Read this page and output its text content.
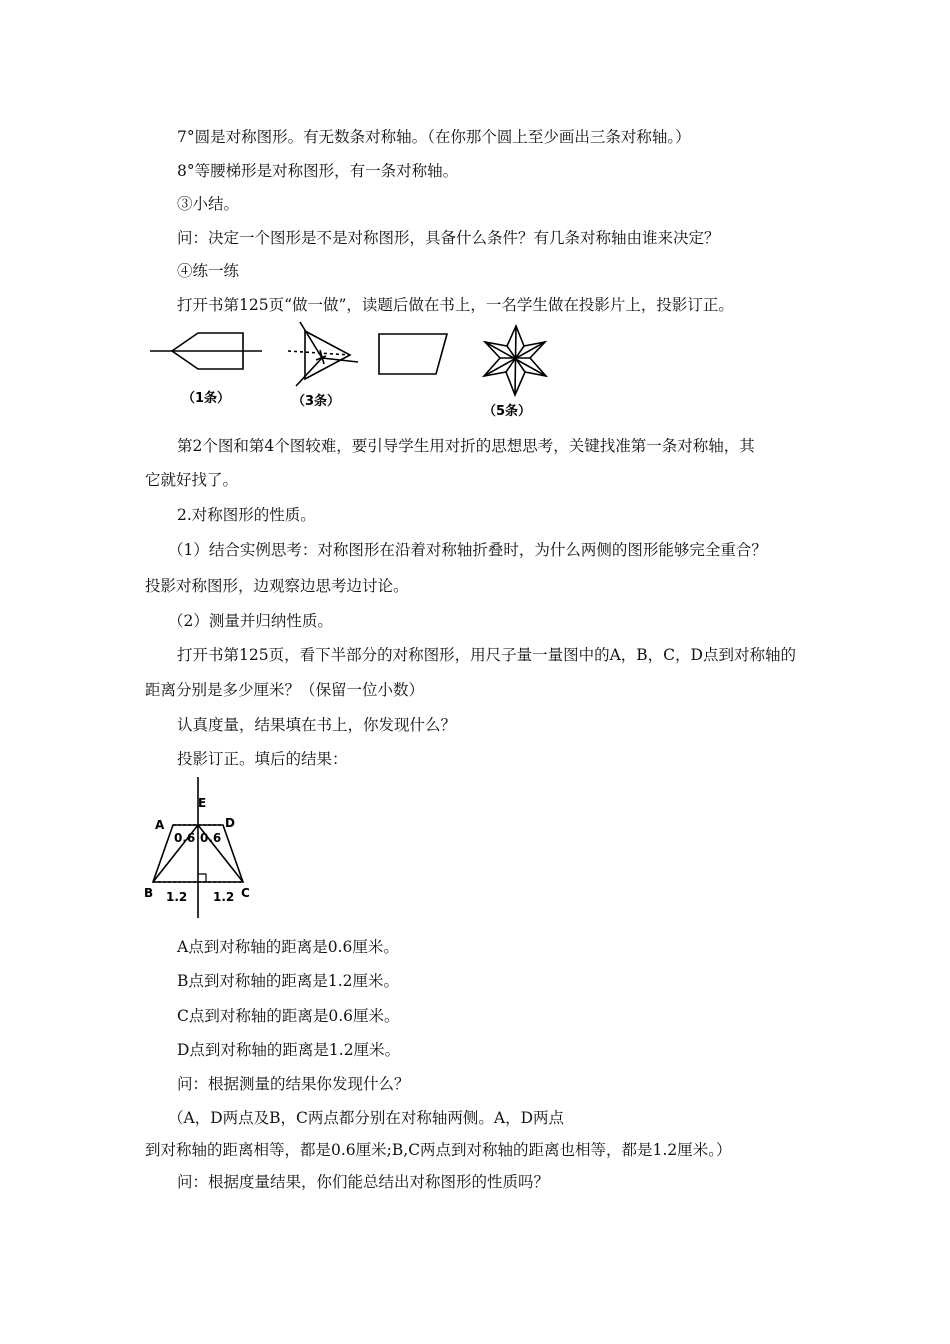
7°圆是对称图形。有无数条对称轴。（在你那个圆上至少画出三条对称轴。）
8°等腰梯形是对称图形，有一条对称轴。
③小结。
问：决定一个图形是不是对称图形，具备什么条件？有几条对称轴由谁来决定？
④练一练
打开书第125页“做一做”，读题后做在书上，一名学生做在投影片上，投影订正。
（1条）	（3条）
（5条）
第2个图和第4个图较难，要引导学生用对折的思想思考，关键找准第一条对称轴，其
它就好找了。
2.对称图形的性质。
（1）结合实例思考：对称图形在沿着对称轴折叠时，为什么两侧的图形能够完全重合？
投影对称图形，边观察边思考边讨论。
（2）测量并归纳性质。
打开书第125页，看下半部分的对称图形，用尺子量一量图中的A，B，C，D点到对称轴的
距离分别是多少厘米？（保留一位小数）
认真度量，结果填在书上，你发现什么？
投影订正。填后的结果：
E
A	D
B	C
0.6 0.6
1.2 1.2
A点到对称轴的距离是0.6厘米。
B点到对称轴的距离是1.2厘米。
C点到对称轴的距离是0.6厘米。
D点到对称轴的距离是1.2厘米。
问：根据测量的结果你发现什么？
（A，D两点及B，C两点都分别在对称轴两侧。A，D两点
到对称轴的距离相等，都是0.6厘米;B,C两点到对称轴的距离也相等，都是1.2厘米。）
问：根据度量结果，你们能总结出对称图形的性质吗？
